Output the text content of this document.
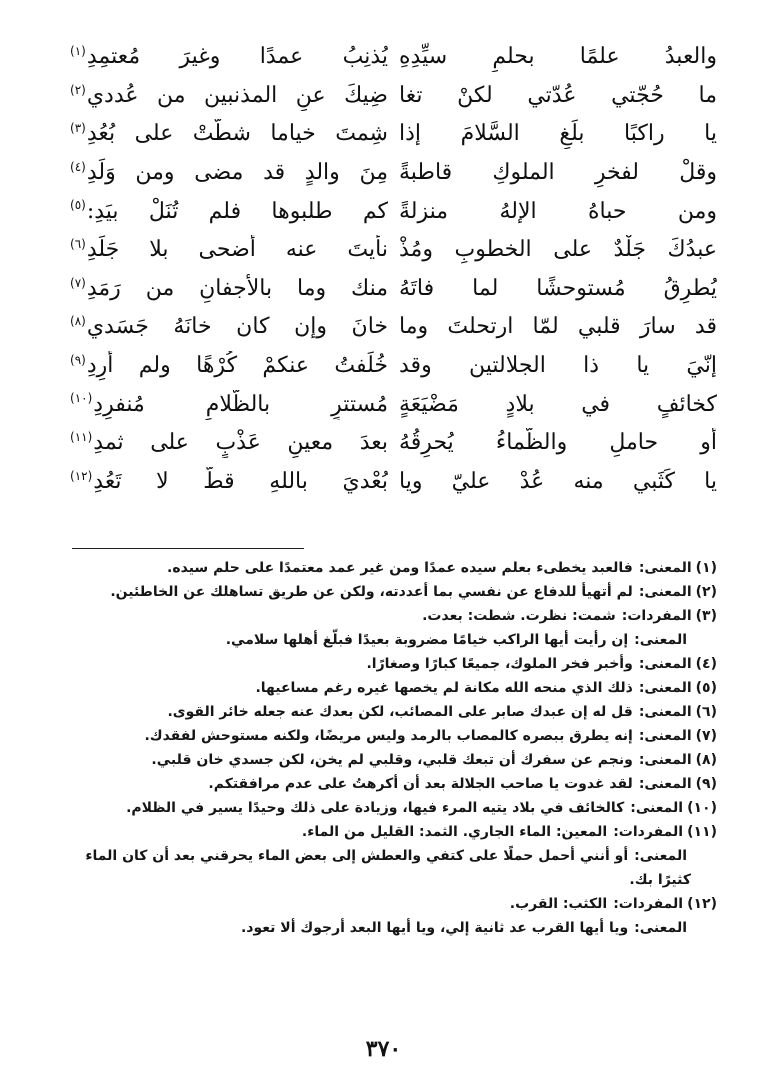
والعبدُ علمًا بحلمِ سيِّدِهِ
يُذنِبُ عمدًا وغيرَ مُعتمِدِ$^{(١)}$
ما حُجّتي عُدّتي لكنْ تغا
ضِيكَ عنِ المذنبين من عُددي$^{(٢)}$
يا راكبًا بلِّغِ السَّلامَ إذا
شِمتَ خياما شطَّتْ على بُعُدِ$^{(٣)}$
وقلْ لفخرِ الملوكِ قاطبةً
مِنَ والدٍ قد مضى ومن وَلَدِ$^{(٤)}$
ومن حباهُ الإلهُ منزلةً
كم طلبوها فلم تُنَلْ بيَدِ:$^{(٥)}$
عبدُكَ جَلْدٌ على الخطوبِ ومُذْ
نأيتَ عنه أضحى بلا جَلَدِ$^{(٦)}$
يُطرِقُ مُستوحشًا لما فاتَهُ
منك وما بالأجفانِ من رَمَدِ$^{(٧)}$
قد سارَ قلبي لمّا ارتحلتَ وما
خانَ وإن كان خانَهُ جَسَدي$^{(٨)}$
إنّيَ يا ذا الجلالتين وقد
خُلِّفتُ عنكمْ كُرْهًا ولم أرِدِ$^{(٩)}$
كخائفٍ في بلادٍ مَضْيَعَةٍ
مُستترٍ بالظَّلامِ مُنفرِدِ$^{(١٠)}$
أو حاملِ والظَّماءُ يُحرِقُهُ
بعدَ معينٍ عَذْبٍ على ثمدِ$^{(١١)}$
يا كَثَبي منه عُدْ عليّ ويا
بُعْديَ باللهِ قطُّ لا تَعُدِ$^{(١٢)}$
(١)المعنى:فالعبد يخطىء بعلم سيده عمدًا ومن غير عمد معتمدًا على حلم سيده.
(٢)المعنى:لم أتهيأ للدفاع عن نفسي بما أعددته، ولكن عن طريق تساهلك عن الخاطئين.
(٣)المفردات:شمت: نظرت. شطت: بعدت.
المعنى:إن رأيت أيها الراكب خيامًا مضروبة بعيدًا فبلّغ أهلها سلامي.
(٤)المعنى:وأخبر فخر الملوك، جميعًا كبارًا وصغارًا.
(٥)المعنى:ذلك الذي منحه الله مكانة لم يخصها غيره رغم مساعيها.
(٦)المعنى:قل له إن عبدك صابر على المصائب، لكن بعدك عنه جعله خائر القوى.
(٧)المعنى:إنه يطرق ببصره كالمصاب بالرمد وليس مريضًا، ولكنه مستوحش لفقدك.
(٨)المعنى:ونجم عن سفرك أن تبعك قلبي، وقلبي لم يخن، لكن جسدي خان قلبي.
(٩)المعنى:لقد غدوت يا صاحب الجلالة بعد أن أكرهتُ على عدم مرافقتكم.
(١٠)المعنى:كالخائف في بلاد يتيه المرء فيها، وزيادة على ذلك وحيدًا يسير في الظلام.
(١١)المفردات:المعين: الماء الجاري. الثمد: القليل من الماء.
المعنى:أو أنني أحمل حملًا على كتفي والعطش إلى بعض الماء يحرقني بعد أن كان الماء كثيرًا بك.
(١٢)المفردات:الكثب: القرب.
المعنى:ويا أيها القرب عد ثانية إلي، ويا أيها البعد أرجوك ألا تعود.
٣٧٠
